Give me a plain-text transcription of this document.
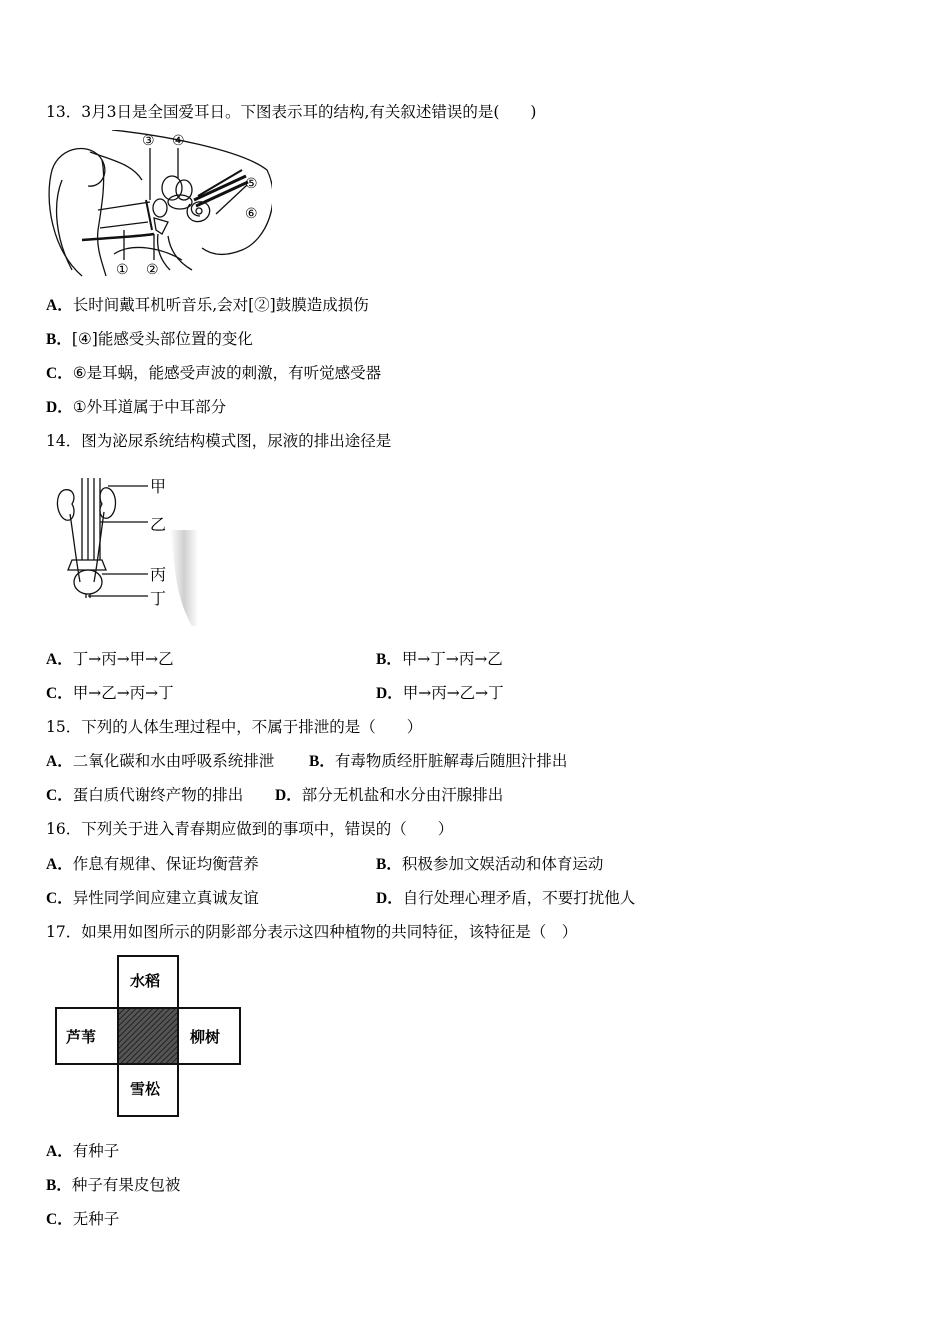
13．3月3日是全国爱耳日。下图表示耳的结构,有关叙述错误的是(　　)
③ ④
⑤
⑥
① ②
A．长时间戴耳机听音乐,会对[②]鼓膜造成损伤
B．[④]能感受头部位置的变化
C．⑥是耳蜗，能感受声波的刺激，有听觉感受器
D．①外耳道属于中耳部分
14．图为泌尿系统结构模式图，尿液的排出途径是
甲
乙
丙
丁
A．丁→丙→甲→乙	B．甲→丁→丙→乙
C．甲→乙→丙→丁	D．甲→丙→乙→丁
15．下列的人体生理过程中，不属于排泄的是（　　）
A．二氧化碳和水由呼吸系统排泄 B．有毒物质经肝脏解毒后随胆汁排出
C．蛋白质代谢终产物的排出 D．部分无机盐和水分由汗腺排出
16．下列关于进入青春期应做到的事项中，错误的（　　）
A．作息有规律、保证均衡营养	B．积极参加文娱活动和体育运动
C．异性同学间应建立真诚友谊	D．自行处理心理矛盾，不要打扰他人
17．如果用如图所示的阴影部分表示这四种植物的共同特征，该特征是（　）
水稻
芦苇	柳树
雪松
A．有种子
B．种子有果皮包被
C．无种子
